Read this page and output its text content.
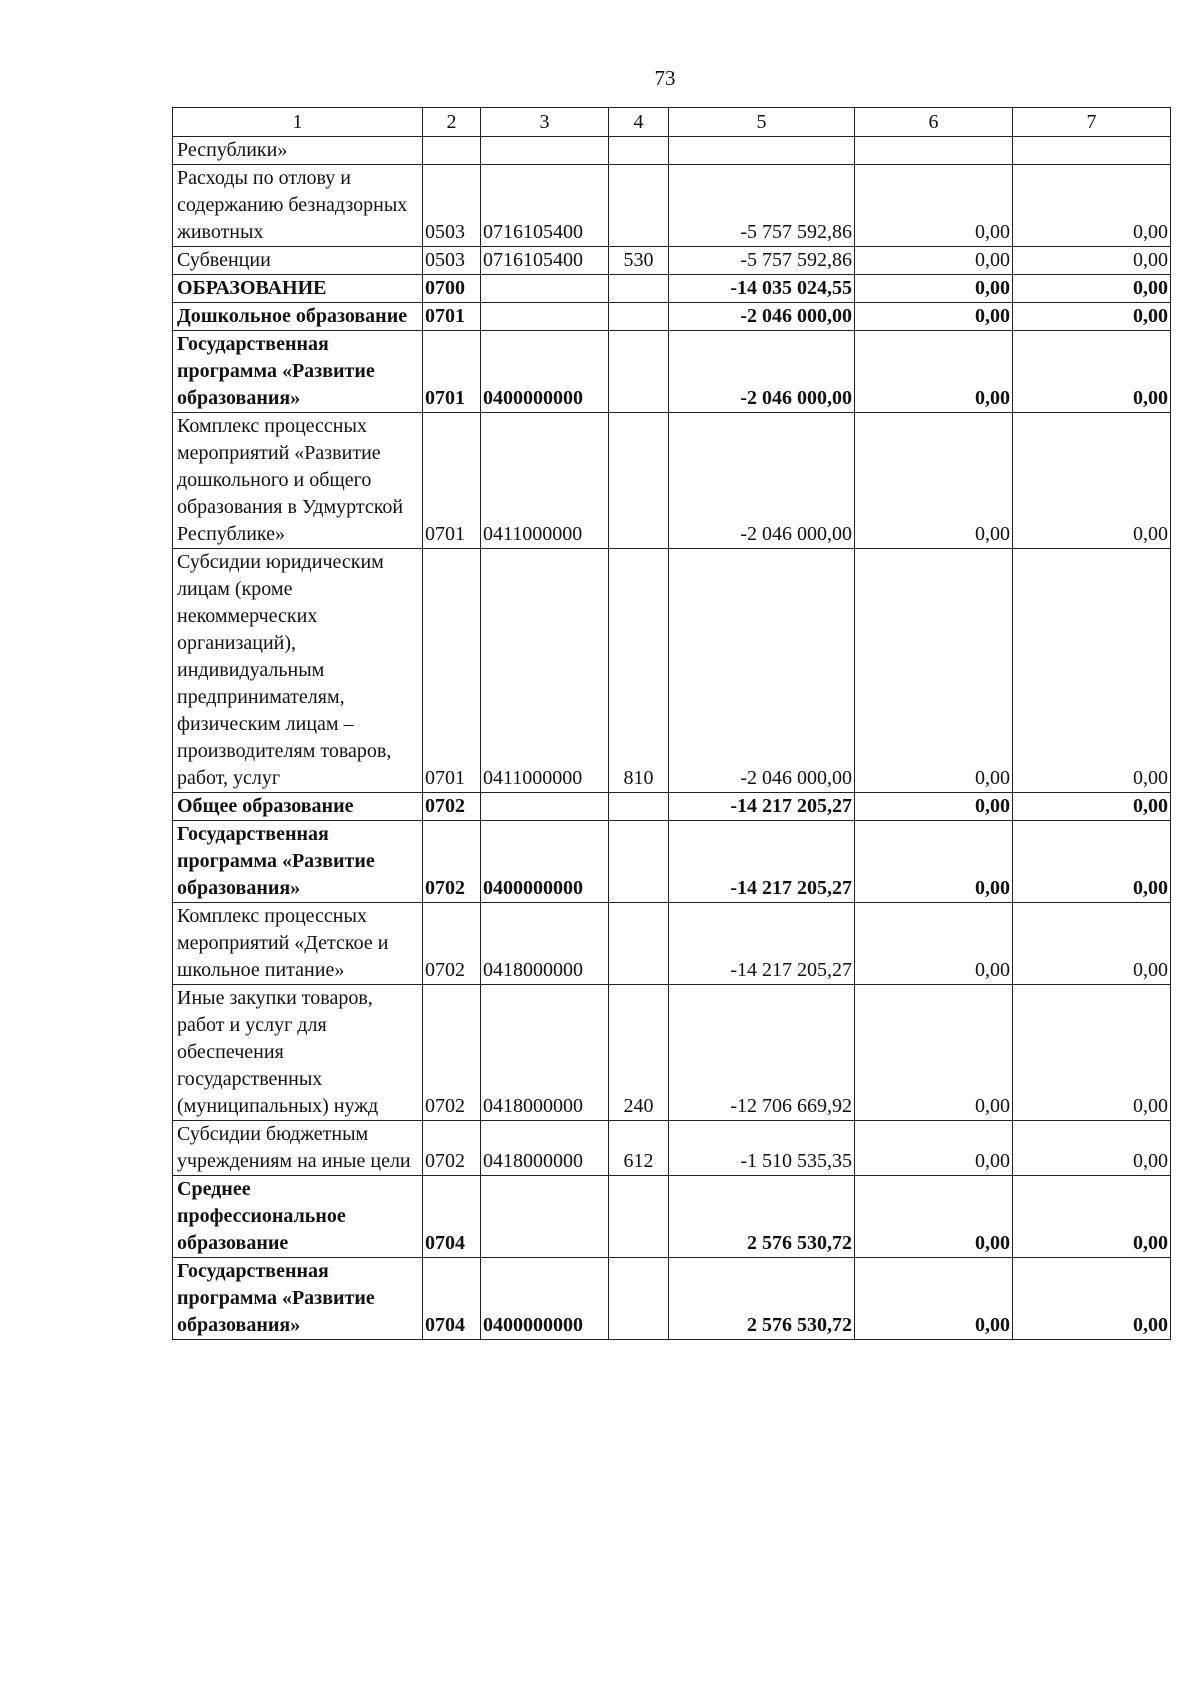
73
1	2	3	4	5	6	7
Республики»						
Расходы по отлову и содержанию безнадзорных животных	0503	0716105400		-5 757 592,86	0,00	0,00
Субвенции	0503	0716105400	530	-5 757 592,86	0,00	0,00
ОБРАЗОВАНИЕ	0700			-14 035 024,55	0,00	0,00
Дошкольное образование	0701			-2 046 000,00	0,00	0,00
Государственная программа «Развитие образования»	0701	0400000000		-2 046 000,00	0,00	0,00
Комплекс процессных мероприятий «Развитие дошкольного и общего образования в Удмуртской Республике»	0701	0411000000		-2 046 000,00	0,00	0,00
Субсидии юридическим лицам (кроме некоммерческих организаций), индивидуальным предпринимателям, физическим лицам – производителям товаров, работ, услуг	0701	0411000000	810	-2 046 000,00	0,00	0,00
Общее образование	0702			-14 217 205,27	0,00	0,00
Государственная программа «Развитие образования»	0702	0400000000		-14 217 205,27	0,00	0,00
Комплекс процессных мероприятий «Детское и школьное питание»	0702	0418000000		-14 217 205,27	0,00	0,00
Иные закупки товаров, работ и услуг для обеспечения государственных (муниципальных) нужд	0702	0418000000	240	-12 706 669,92	0,00	0,00
Субсидии бюджетным учреждениям на иные цели	0702	0418000000	612	-1 510 535,35	0,00	0,00
Среднее профессиональное образование	0704			2 576 530,72	0,00	0,00
Государственная программа «Развитие образования»	0704	0400000000		2 576 530,72	0,00	0,00
